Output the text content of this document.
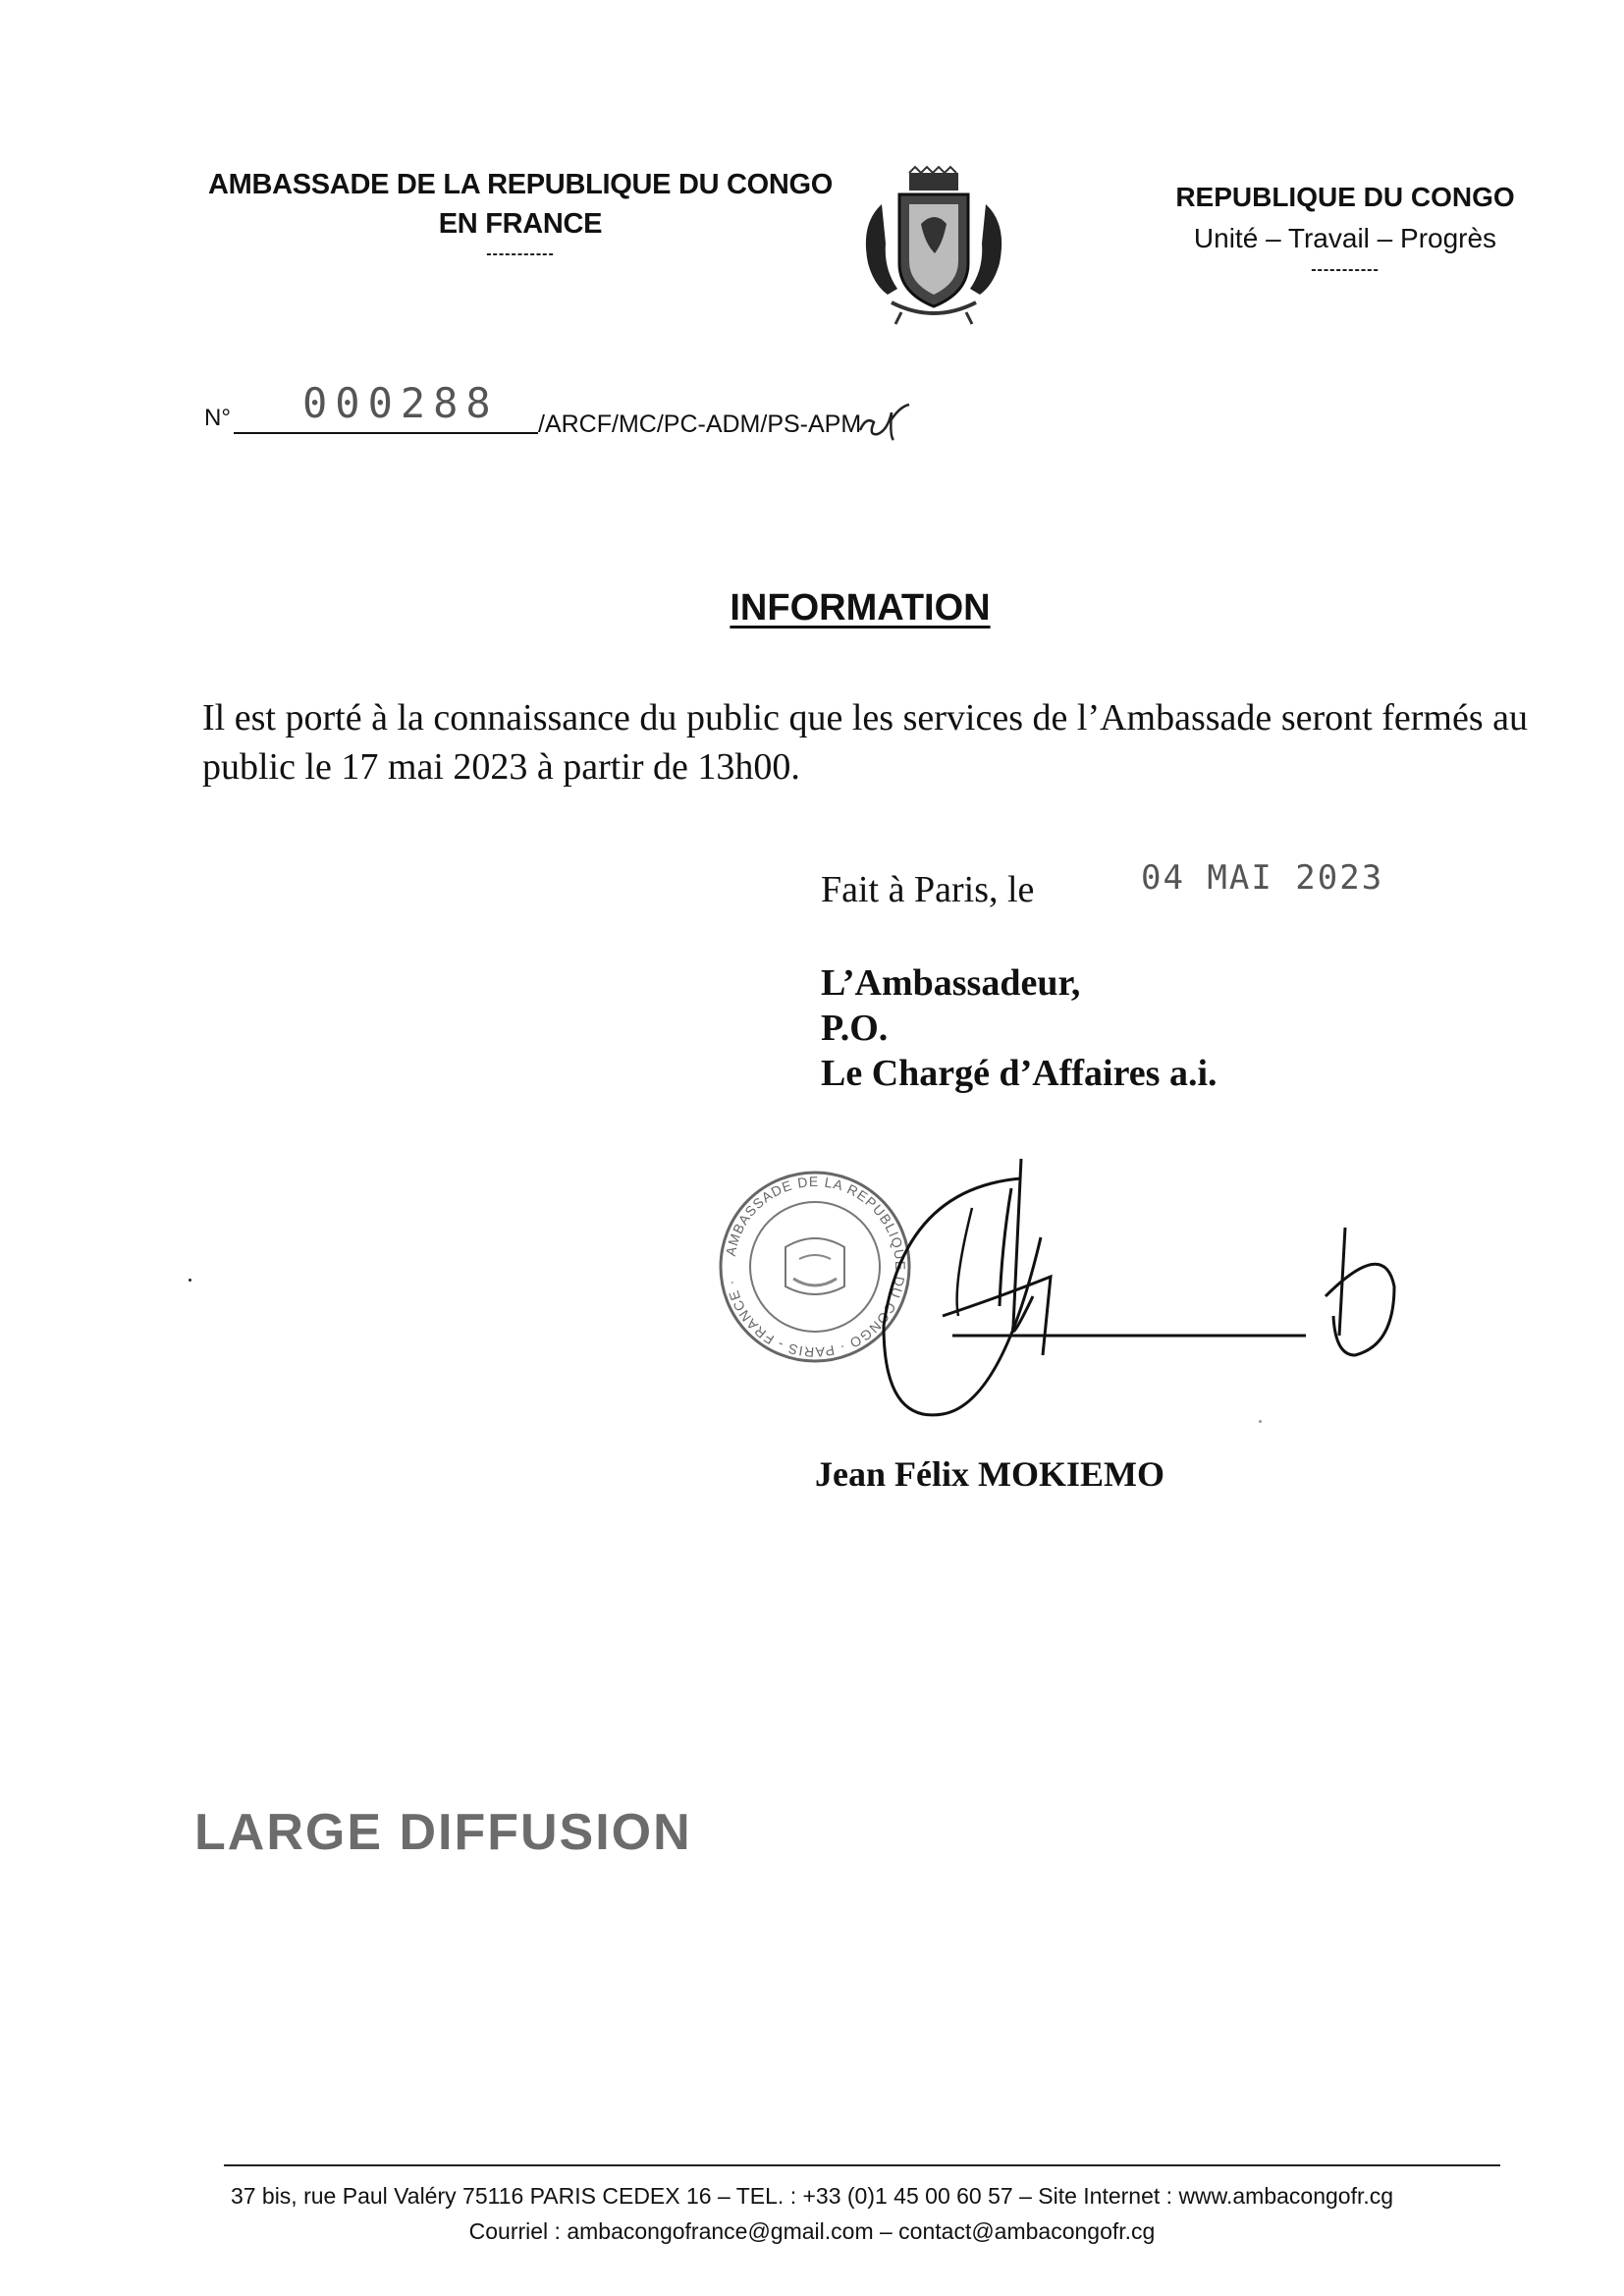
AMBASSADE DE LA REPUBLIQUE DU CONGO
EN FRANCE
-----------
REPUBLIQUE DU CONGO
Unité – Travail – Progrès
-----------
N° 000288 /ARCF/MC/PC-ADM/PS-APM
INFORMATION
Il est porté à la connaissance du public que les services de l’Ambassade seront fermés au public le 17 mai 2023 à partir de 13h00.
Fait à Paris, le	04 MAI 2023
L’Ambassadeur,
P.O.
Le Chargé d’Affaires a.i.
AMBASSADE DE LA REPUBLIQUE DU CONGO · PARIS - FRANCE ·
Jean Félix MOKIEMO
LARGE DIFFUSION
37 bis, rue Paul Valéry 75116 PARIS CEDEX 16 – TEL. : +33 (0)1 45 00 60 57 – Site Internet : www.ambacongofr.cg
Courriel : ambacongofrance@gmail.com – contact@ambacongofr.cg
